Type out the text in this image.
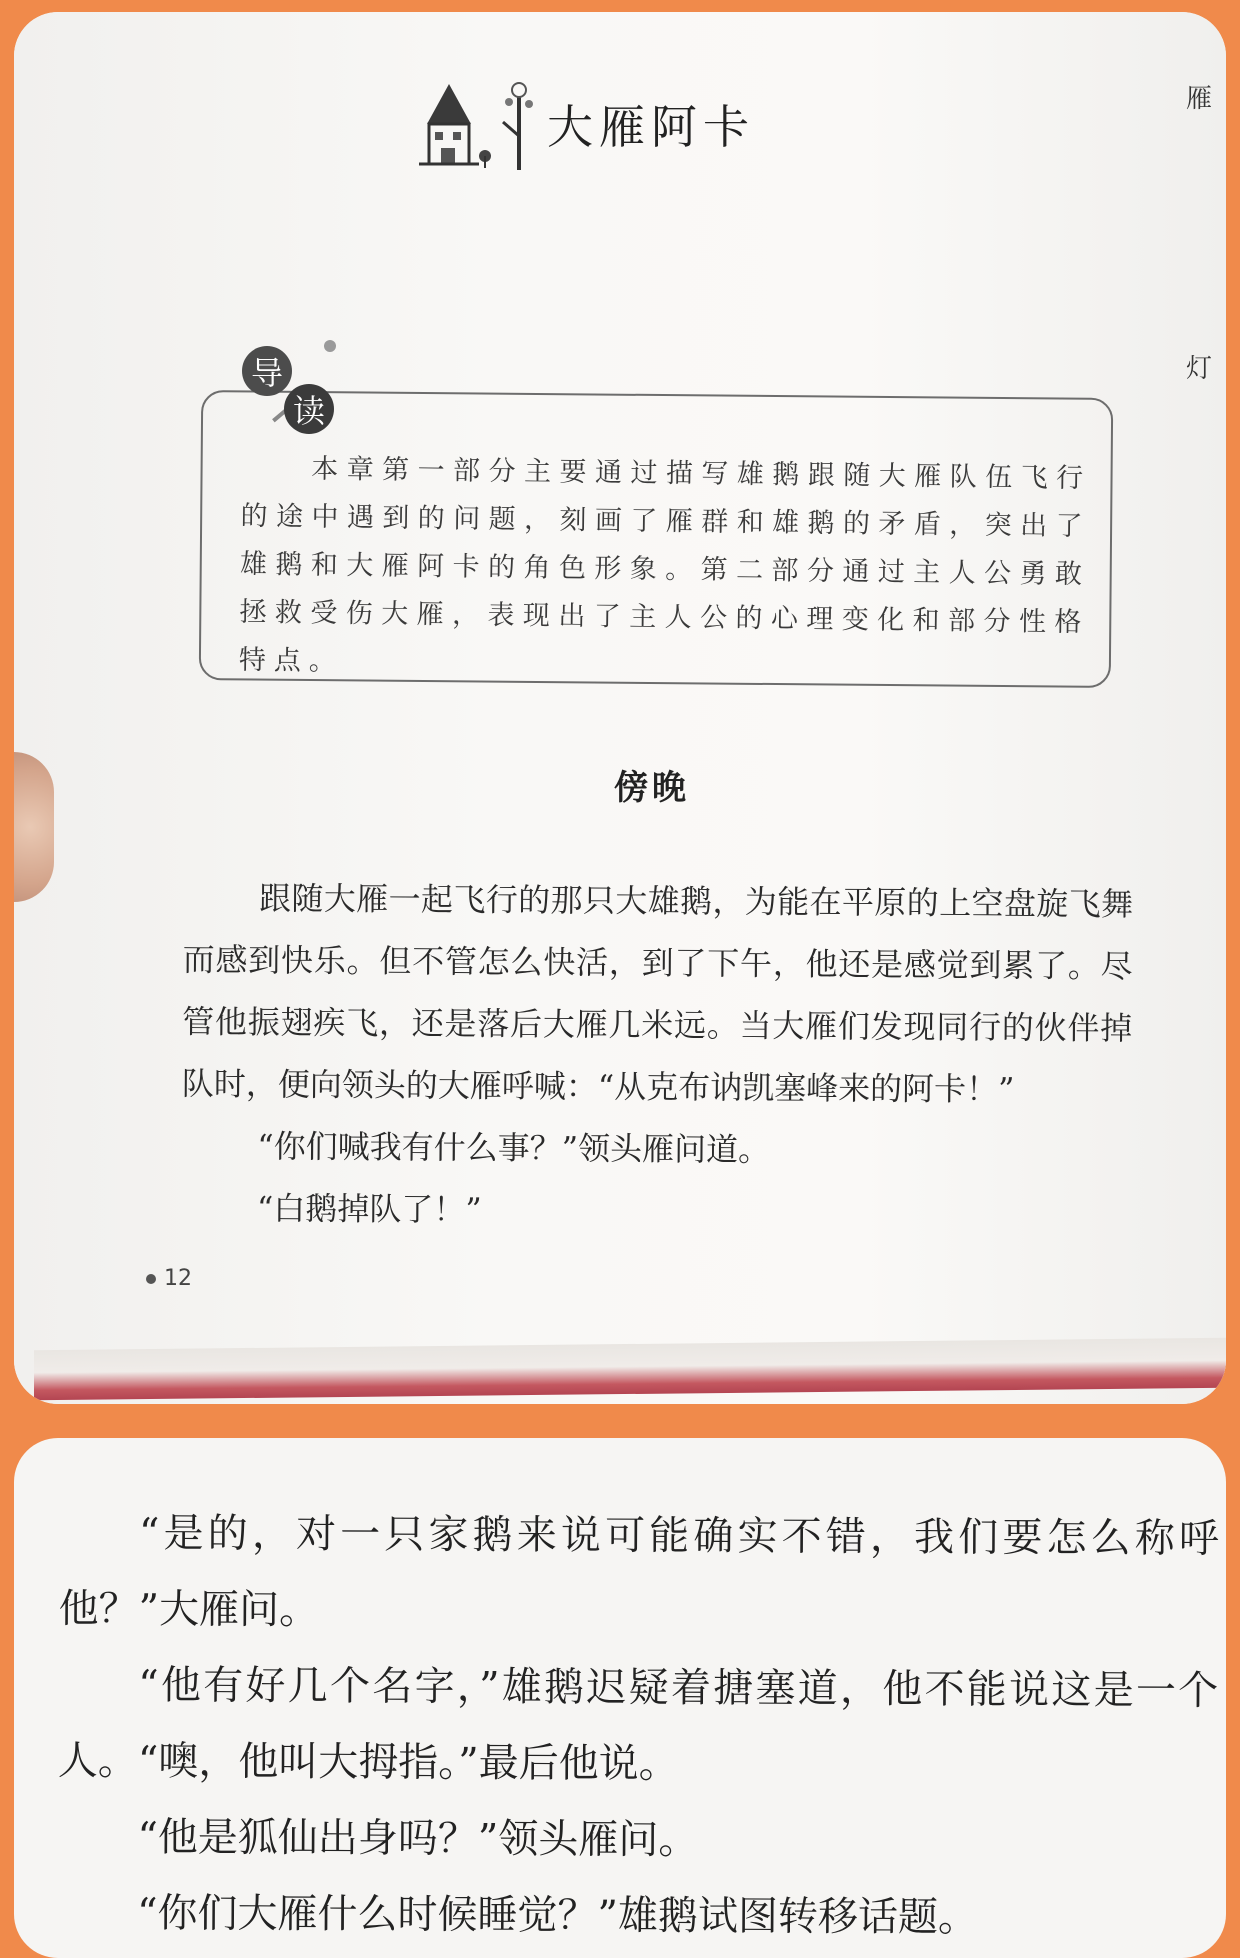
雁
灯
大雁阿卡
导
读
本章第一部分主要通过描写雄鹅跟随大雁队伍飞行的途中遇到的问题，刻画了雁群和雄鹅的矛盾，突出了雄鹅和大雁阿卡的角色形象。第二部分通过主人公勇敢拯救受伤大雁，表现出了主人公的心理变化和部分性格特点。
傍晚

跟随大雁一起飞行的那只大雄鹅，为能在平原的上空盘旋飞舞而感到快乐。但不管怎么快活，到了下午，他还是感觉到累了。尽管他振翅疾飞，还是落后大雁几米远。当大雁们发现同行的伙伴掉队时，便向领头的大雁呼喊：“从克布讷凯塞峰来的阿卡！”

“你们喊我有什么事？”领头雁问道。

“白鹅掉队了！”

12

“是的，对一只家鹅来说可能确实不错，我们要怎么称呼他？”大雁问。

“他有好几个名字，”雄鹅迟疑着搪塞道，他不能说这是一个人。“噢，他叫大拇指。”最后他说。

“他是狐仙出身吗？”领头雁问。

“你们大雁什么时候睡觉？”雄鹅试图转移话题。
